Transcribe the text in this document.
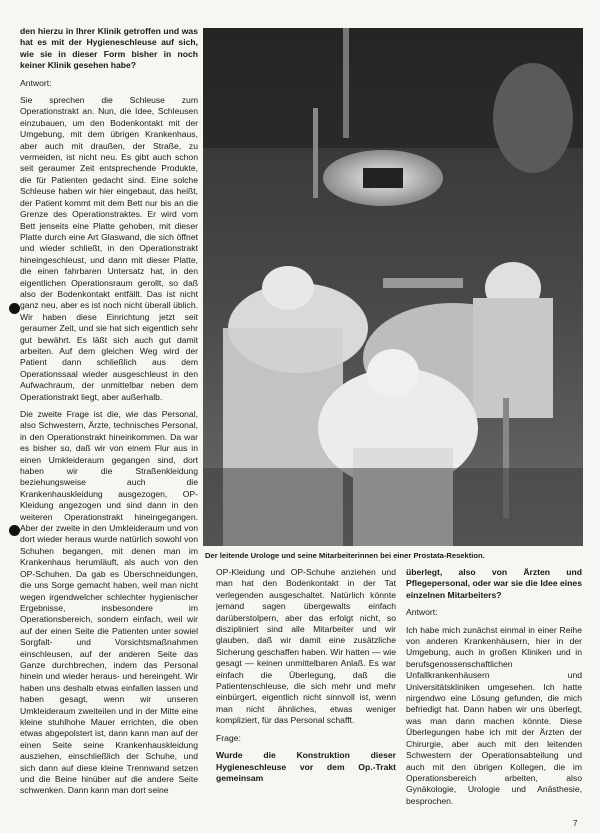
den hierzu in Ihrer Klinik getroffen und was hat es mit der Hygieneschleuse auf sich, wie sie in dieser Form bisher in noch keiner Klinik gesehen habe?

Antwort:

Sie sprechen die Schleuse zum Operationstrakt an. Nun, die Idee, Schleusen einzubauen, um den Bodenkontakt mit der Umgebung, mit dem übrigen Krankenhaus, aber auch mit draußen, der Straße, zu vermeiden, ist nicht neu. Es gibt auch schon seit geraumer Zeit entsprechende Produkte, die für Patienten gedacht sind. Eine solche Schleuse haben wir hier eingebaut, das heißt, der Patient kommt mit dem Bett nur bis an die Grenze des Operationstraktes. Er wird vom Bett jenseits eine Platte gehoben, mit dieser Platte durch eine Art Glaswand, die sich öffnet und wieder schließt, in den Operationstrakt hineingeschleust, und dann mit dieser Platte, die einen fahrbaren Untersatz hat, in den eigentlichen Operationsraum gerollt, so daß also der Bodenkontakt entfällt. Das ist nicht ganz neu, aber es ist noch nicht überall üblich. Wir haben diese Einrichtung jetzt seit geraumer Zeit, und sie hat sich eigentlich sehr gut bewährt. Es läßt sich auch gut damit arbeiten. Auf dem gleichen Weg wird der Patient dann schließlich aus dem Operationssaal wieder ausgeschleust in den Aufwachraum, der unmittelbar neben dem Operationstrakt liegt, aber außerhalb.

Die zweite Frage ist die, wie das Personal, also Schwestern, Ärzte, technisches Personal, in den Operationstrakt hineinkommen. Da war es bisher so, daß wir von einem Flur aus in einen Umkleideraum gegangen sind, dort haben wir die Straßenkleidung beziehungsweise auch die Krankenhauskleidung ausgezogen, OP-Kleidung angezogen und sind dann in den weiteren Operationstrakt hineingegangen. Aber der zweite in den Umkleideraum und von dort wieder heraus wurde natürlich sowohl von Schuhen begangen, mit denen man im Krankenhaus herumläuft, als auch von den OP-Schuhen. Da gab es Überschneidungen, die uns Sorge gemacht haben, weil man nicht wegen irgendwelcher schlechter hygienischer Ergebnisse, insbesondere im Operationsbereich, sondern einfach, weil wir auf der einen Seite die Patienten unter sowiel Sorgfalt- und Vorsichtsmaßnahmen einschleusen, auf der anderen Seite das Ganze durchbrechen, indem das Personal hinein und wieder heraus- und hereingeht. Wir haben uns deshalb etwas einfallen lassen und haben gesagt, wenn wir unseren Umkleideraum zweiteilen und in der Mitte eine kleine stuhlhohe Mauer errichten, die oben etwas abgepolstert ist, dann kann man auf der einen Seite seine Krankenhauskleidung ausziehen, einschließlich der Schuhe, und sich dann auf diese kleine Trennwand setzen und die Beine hinüber auf die andere Seite schwenken. Dann kann man dort seine

Der leitende Urologe und seine Mitarbeiterinnen bei einer Prostata-Resektion.

OP-Kleidung und OP-Schuhe anziehen und man hat den Bodenkontakt in der Tat verlegenden ausgeschaltet. Natürlich könnte jemand sagen übergewalts einfach darüberstolpern, aber das erfolgt nicht, so diszipliniert sind alle Mitarbeiter und wir glauben, daß wir damit eine zusätzliche Sicherung geschaffen haben. Wir hatten — wie gesagt — keinen unmittelbaren Anlaß. Es war einfach die Überlegung, daß die Patientenschleuse, die sich mehr und mehr einbürgert, eigentlich nicht sinnvoll ist, wenn man nicht ähnliches, etwas weniger kompliziert, für das Personal schafft.

Frage:

Wurde die Konstruktion dieser Hygieneschleuse vor dem Op.-Trakt gemeinsam

überlegt, also von Ärzten und Pflegepersonal, oder war sie die Idee eines einzelnen Mitarbeiters?

Antwort:

Ich habe mich zunächst einmal in einer Reihe von anderen Krankenhäusern, hier in der Umgebung, auch in großen Kliniken und in berufsgenossenschaftlichen Unfallkrankenhäusern und Universitätskliniken umgesehen. Ich hatte nirgendwo eine Lösung gefunden, die mich befriedigt hat. Dann haben wir uns überlegt, was man dann machen könnte. Diese Überlegungen habe ich mit der Ärzten der Chirurgie, aber auch mit den leitenden Schwestern der Operationsabteilung und auch mit den übrigen Kollegen, die im Operationsbereich arbeiten, also Gynäkologie, Urologie und Anästhesie, besprochen.

7
